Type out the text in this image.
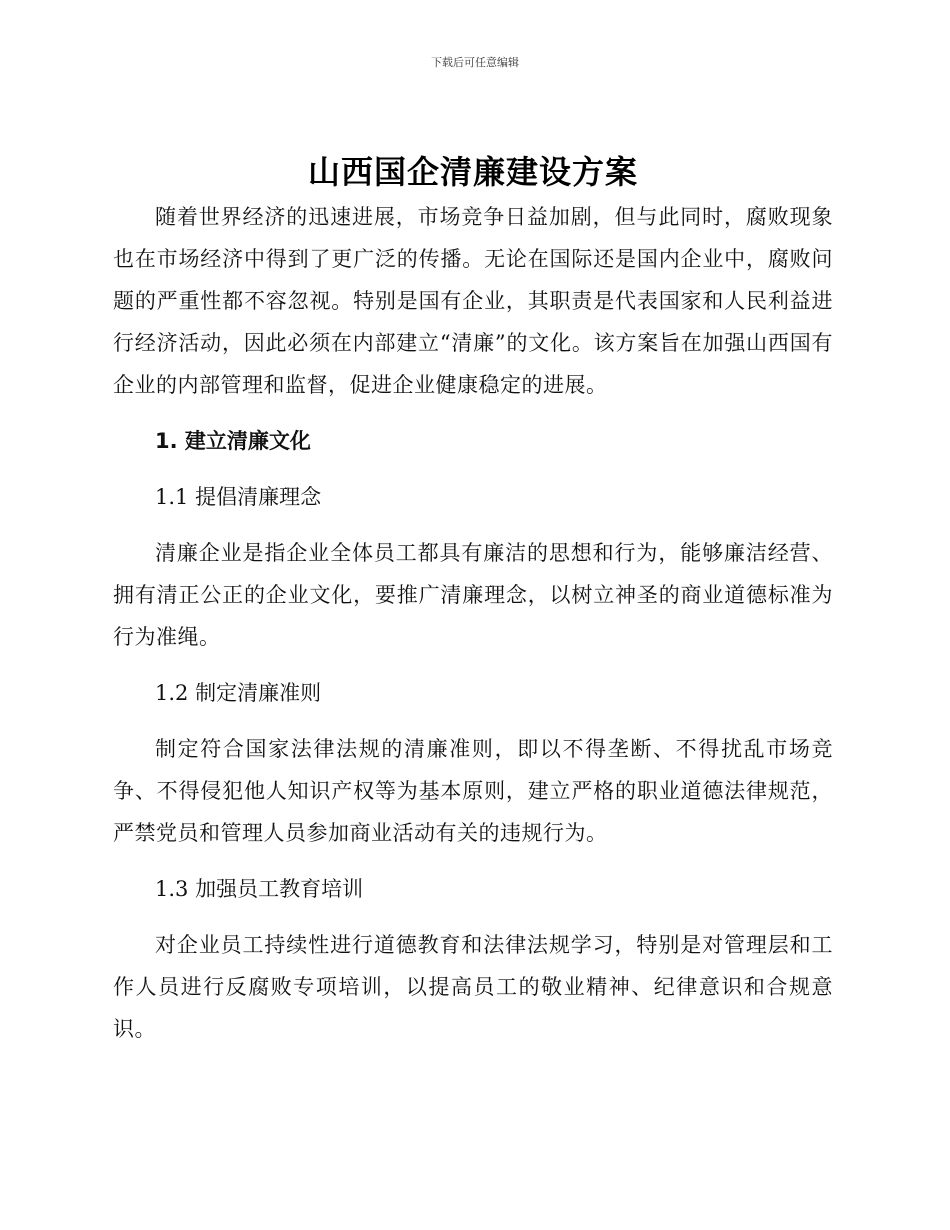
下载后可任意编辑
山西国企清廉建设方案

随着世界经济的迅速进展，市场竞争日益加剧，但与此同时，腐败现象也在市场经济中得到了更广泛的传播。无论在国际还是国内企业中，腐败问题的严重性都不容忽视。特别是国有企业，其职责是代表国家和人民利益进行经济活动，因此必须在内部建立“清廉”的文化。该方案旨在加强山西国有企业的内部管理和监督，促进企业健康稳定的进展。

1. 建立清廉文化

1.1 提倡清廉理念

清廉企业是指企业全体员工都具有廉洁的思想和行为，能够廉洁经营、拥有清正公正的企业文化，要推广清廉理念，以树立神圣的商业道德标准为行为准绳。

1.2 制定清廉准则

制定符合国家法律法规的清廉准则，即以不得垄断、不得扰乱市场竞争、不得侵犯他人知识产权等为基本原则，建立严格的职业道德法律规范，严禁党员和管理人员参加商业活动有关的违规行为。

1.3 加强员工教育培训

对企业员工持续性进行道德教育和法律法规学习，特别是对管理层和工作人员进行反腐败专项培训，以提高员工的敬业精神、纪律意识和合规意识。
